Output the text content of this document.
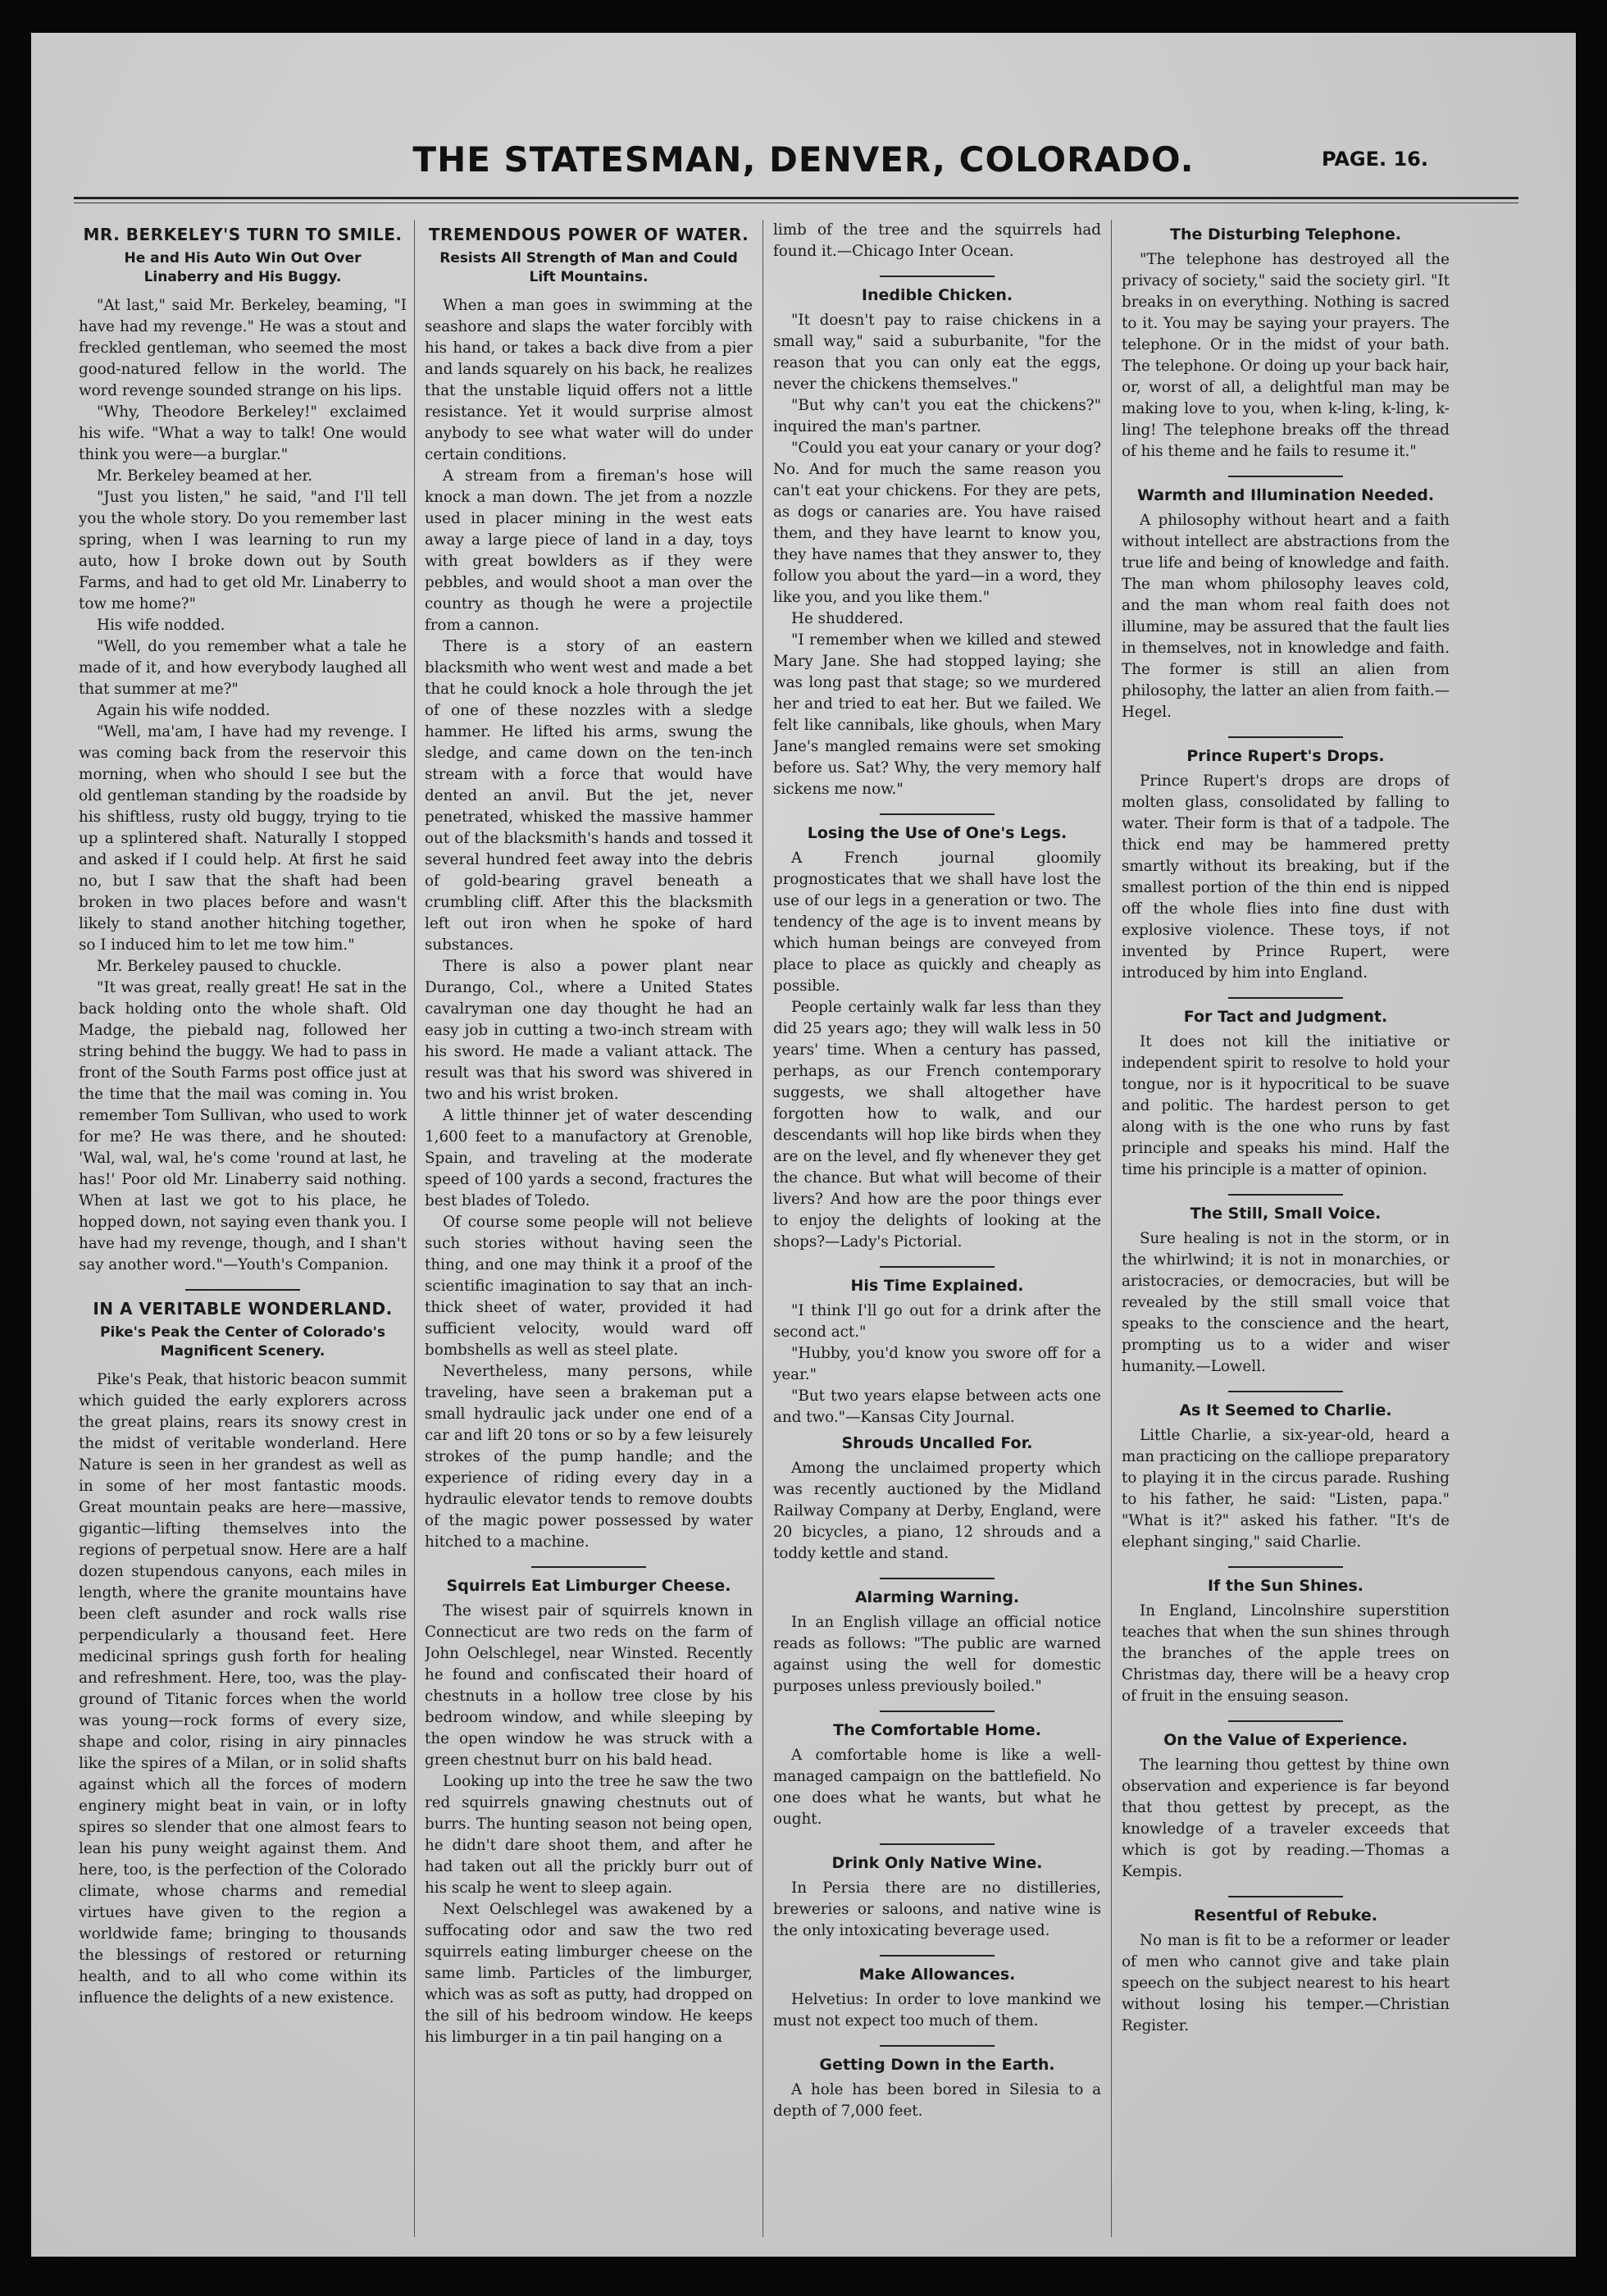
THE STATESMAN, DENVER, COLORADO.	PAGE. 16.
MR. BERKELEY'S TURN TO SMILE.
He and His Auto Win Out Over Linaberry and His Buggy.

"At last," said Mr. Berkeley, beaming, "I have had my revenge." He was a stout and freckled gentleman, who seemed the most good-natured fellow in the world. The word revenge sounded strange on his lips.

"Why, Theodore Berkeley!" exclaimed his wife. "What a way to talk! One would think you were—a burglar."

Mr. Berkeley beamed at her.

"Just you listen," he said, "and I'll tell you the whole story. Do you remember last spring, when I was learning to run my auto, how I broke down out by South Farms, and had to get old Mr. Linaberry to tow me home?"

His wife nodded.

"Well, do you remember what a tale he made of it, and how everybody laughed all that summer at me?"

Again his wife nodded.

"Well, ma'am, I have had my revenge. I was coming back from the reservoir this morning, when who should I see but the old gentleman standing by the roadside by his shiftless, rusty old buggy, trying to tie up a splintered shaft. Naturally I stopped and asked if I could help. At first he said no, but I saw that the shaft had been broken in two places before and wasn't likely to stand another hitching together, so I induced him to let me tow him."

Mr. Berkeley paused to chuckle.

"It was great, really great! He sat in the back holding onto the whole shaft. Old Madge, the piebald nag, followed her string behind the buggy. We had to pass in front of the South Farms post office just at the time that the mail was coming in. You remember Tom Sullivan, who used to work for me? He was there, and he shouted: 'Wal, wal, wal, he's come 'round at last, he has!' Poor old Mr. Linaberry said nothing. When at last we got to his place, he hopped down, not saying even thank you. I have had my revenge, though, and I shan't say another word."—Youth's Companion.

IN A VERITABLE WONDERLAND.
Pike's Peak the Center of Colorado's Magnificent Scenery.

Pike's Peak, that historic beacon summit which guided the early explorers across the great plains, rears its snowy crest in the midst of veritable wonderland. Here Nature is seen in her grandest as well as in some of her most fantastic moods. Great mountain peaks are here—massive, gigantic—lifting themselves into the regions of perpetual snow. Here are a half dozen stupendous canyons, each miles in length, where the granite mountains have been cleft asunder and rock walls rise perpendicularly a thousand feet. Here medicinal springs gush forth for healing and refreshment. Here, too, was the play-ground of Titanic forces when the world was young—rock forms of every size, shape and color, rising in airy pinnacles like the spires of a Milan, or in solid shafts against which all the forces of modern enginery might beat in vain, or in lofty spires so slender that one almost fears to lean his puny weight against them. And here, too, is the perfection of the Colorado climate, whose charms and remedial virtues have given to the region a worldwide fame; bringing to thousands the blessings of restored or returning health, and to all who come within its influence the delights of a new existence.

TREMENDOUS POWER OF WATER.
Resists All Strength of Man and Could Lift Mountains.

When a man goes in swimming at the seashore and slaps the water forcibly with his hand, or takes a back dive from a pier and lands squarely on his back, he realizes that the unstable liquid offers not a little resistance. Yet it would surprise almost anybody to see what water will do under certain conditions.

A stream from a fireman's hose will knock a man down. The jet from a nozzle used in placer mining in the west eats away a large piece of land in a day, toys with great bowlders as if they were pebbles, and would shoot a man over the country as though he were a projectile from a cannon.

There is a story of an eastern blacksmith who went west and made a bet that he could knock a hole through the jet of one of these nozzles with a sledge hammer. He lifted his arms, swung the sledge, and came down on the ten-inch stream with a force that would have dented an anvil. But the jet, never penetrated, whisked the massive hammer out of the blacksmith's hands and tossed it several hundred feet away into the debris of gold-bearing gravel beneath a crumbling cliff. After this the blacksmith left out iron when he spoke of hard substances.

There is also a power plant near Durango, Col., where a United States cavalryman one day thought he had an easy job in cutting a two-inch stream with his sword. He made a valiant attack. The result was that his sword was shivered in two and his wrist broken.

A little thinner jet of water descending 1,600 feet to a manufactory at Grenoble, Spain, and traveling at the moderate speed of 100 yards a second, fractures the best blades of Toledo.

Of course some people will not believe such stories without having seen the thing, and one may think it a proof of the scientific imagination to say that an inch-thick sheet of water, provided it had sufficient velocity, would ward off bombshells as well as steel plate.

Nevertheless, many persons, while traveling, have seen a brakeman put a small hydraulic jack under one end of a car and lift 20 tons or so by a few leisurely strokes of the pump handle; and the experience of riding every day in a hydraulic elevator tends to remove doubts of the magic power possessed by water hitched to a machine.

Squirrels Eat Limburger Cheese.

The wisest pair of squirrels known in Connecticut are two reds on the farm of John Oelschlegel, near Winsted. Recently he found and confiscated their hoard of chestnuts in a hollow tree close by his bedroom window, and while sleeping by the open window he was struck with a green chestnut burr on his bald head.

Looking up into the tree he saw the two red squirrels gnawing chestnuts out of burrs. The hunting season not being open, he didn't dare shoot them, and after he had taken out all the prickly burr out of his scalp he went to sleep again.

Next Oelschlegel was awakened by a suffocating odor and saw the two red squirrels eating limburger cheese on the same limb. Particles of the limburger, which was as soft as putty, had dropped on the sill of his bedroom window. He keeps his limburger in a tin pail hanging on a

limb of the tree and the squirrels had found it.—Chicago Inter Ocean.

Inedible Chicken.

"It doesn't pay to raise chickens in a small way," said a suburbanite, "for the reason that you can only eat the eggs, never the chickens themselves."

"But why can't you eat the chickens?" inquired the man's partner.

"Could you eat your canary or your dog? No. And for much the same reason you can't eat your chickens. For they are pets, as dogs or canaries are. You have raised them, and they have learnt to know you, they have names that they answer to, they follow you about the yard—in a word, they like you, and you like them."

He shuddered.

"I remember when we killed and stewed Mary Jane. She had stopped laying; she was long past that stage; so we murdered her and tried to eat her. But we failed. We felt like cannibals, like ghouls, when Mary Jane's mangled remains were set smoking before us. Sat? Why, the very memory half sickens me now."

Losing the Use of One's Legs.

A French journal gloomily prognosticates that we shall have lost the use of our legs in a generation or two. The tendency of the age is to invent means by which human beings are conveyed from place to place as quickly and cheaply as possible.

People certainly walk far less than they did 25 years ago; they will walk less in 50 years' time. When a century has passed, perhaps, as our French contemporary suggests, we shall altogether have forgotten how to walk, and our descendants will hop like birds when they are on the level, and fly whenever they get the chance. But what will become of their livers? And how are the poor things ever to enjoy the delights of looking at the shops?—Lady's Pictorial.

His Time Explained.

"I think I'll go out for a drink after the second act."

"Hubby, you'd know you swore off for a year."

"But two years elapse between acts one and two."—Kansas City Journal.

Shrouds Uncalled For.

Among the unclaimed property which was recently auctioned by the Midland Railway Company at Derby, England, were 20 bicycles, a piano, 12 shrouds and a toddy kettle and stand.

Alarming Warning.

In an English village an official notice reads as follows: "The public are warned against using the well for domestic purposes unless previously boiled."

The Comfortable Home.

A comfortable home is like a well-managed campaign on the battlefield. No one does what he wants, but what he ought.

Drink Only Native Wine.

In Persia there are no distilleries, breweries or saloons, and native wine is the only intoxicating beverage used.

Make Allowances.

Helvetius: In order to love mankind we must not expect too much of them.

Getting Down in the Earth.

A hole has been bored in Silesia to a depth of 7,000 feet.

The Disturbing Telephone.

"The telephone has destroyed all the privacy of society," said the society girl. "It breaks in on everything. Nothing is sacred to it. You may be saying your prayers. The telephone. Or in the midst of your bath. The telephone. Or doing up your back hair, or, worst of all, a delightful man may be making love to you, when k-ling, k-ling, k-ling! The telephone breaks off the thread of his theme and he fails to resume it."

Warmth and Illumination Needed.

A philosophy without heart and a faith without intellect are abstractions from the true life and being of knowledge and faith. The man whom philosophy leaves cold, and the man whom real faith does not illumine, may be assured that the fault lies in themselves, not in knowledge and faith. The former is still an alien from philosophy, the latter an alien from faith.—Hegel.

Prince Rupert's Drops.

Prince Rupert's drops are drops of molten glass, consolidated by falling to water. Their form is that of a tadpole. The thick end may be hammered pretty smartly without its breaking, but if the smallest portion of the thin end is nipped off the whole flies into fine dust with explosive violence. These toys, if not invented by Prince Rupert, were introduced by him into England.

For Tact and Judgment.

It does not kill the initiative or independent spirit to resolve to hold your tongue, nor is it hypocritical to be suave and politic. The hardest person to get along with is the one who runs by fast principle and speaks his mind. Half the time his principle is a matter of opinion.

The Still, Small Voice.

Sure healing is not in the storm, or in the whirlwind; it is not in monarchies, or aristocracies, or democracies, but will be revealed by the still small voice that speaks to the conscience and the heart, prompting us to a wider and wiser humanity.—Lowell.

As It Seemed to Charlie.

Little Charlie, a six-year-old, heard a man practicing on the calliope preparatory to playing it in the circus parade. Rushing to his father, he said: "Listen, papa." "What is it?" asked his father. "It's de elephant singing," said Charlie.

If the Sun Shines.

In England, Lincolnshire superstition teaches that when the sun shines through the branches of the apple trees on Christmas day, there will be a heavy crop of fruit in the ensuing season.

On the Value of Experience.

The learning thou gettest by thine own observation and experience is far beyond that thou gettest by precept, as the knowledge of a traveler exceeds that which is got by reading.—Thomas a Kempis.

Resentful of Rebuke.

No man is fit to be a reformer or leader of men who cannot give and take plain speech on the subject nearest to his heart without losing his temper.—Christian Register.
